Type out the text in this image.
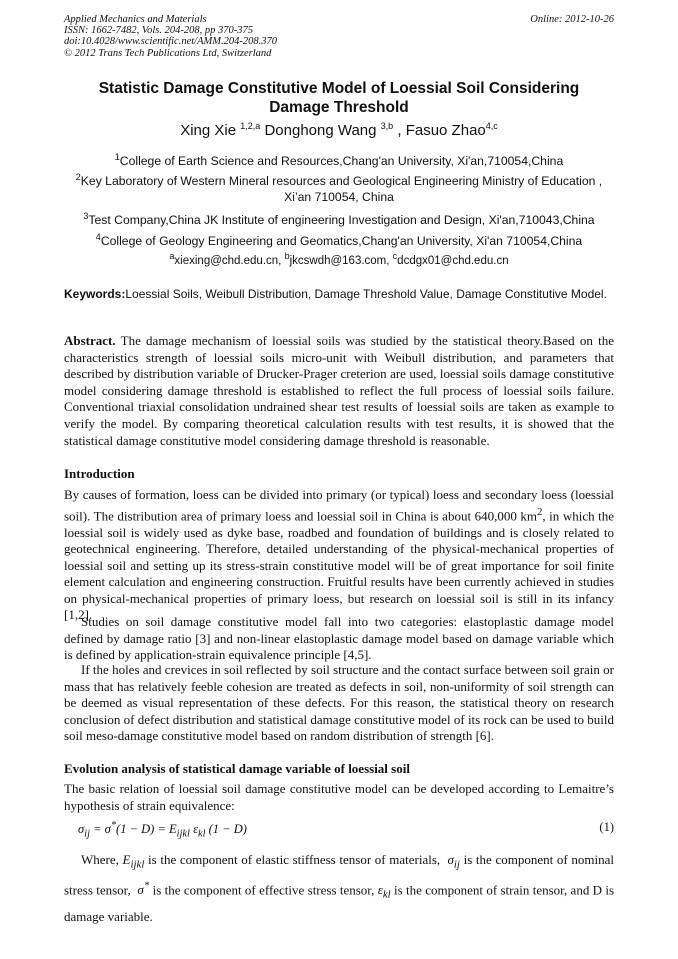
Applied Mechanics and Materials
ISSN: 1662-7482, Vols. 204-208, pp 370-375
doi:10.4028/www.scientific.net/AMM.204-208.370
© 2012 Trans Tech Publications Ltd, Switzerland
Online: 2012-10-26
Statistic Damage Constitutive Model of Loessial Soil Considering Damage Threshold
Xing Xie $^{1,2,a}$ Donghong Wang $^{3,b}$ , Fasuo Zhao$^{4,c}$
$^1$College of Earth Science and Resources,Chang'an University, Xi'an,710054,China
$^2$Key Laboratory of Western Mineral resources and Geological Engineering Ministry of Education , Xi’an 710054, China
$^3$Test Company,China JK Institute of engineering Investigation and Design, Xi'an,710043,China
$^4$College of Geology Engineering and Geomatics,Chang'an University, Xi'an 710054,China
$^a$xiexing@chd.edu.cn, $^b$jkcswdh@163.com, $^c$dcdgx01@chd.edu.cn
Keywords:Loessial Soils, Weibull Distribution, Damage Threshold Value, Damage Constitutive Model.
Abstract. The damage mechanism of loessial soils was studied by the statistical theory.Based on the characteristics strength of loessial soils micro-unit with Weibull distribution, and parameters that described by distribution variable of Drucker-Prager creterion are used, loessial soils damage constitutive model considering damage threshold is established to reflect the full process of loessial soils failure. Conventional triaxial consolidation undrained shear test results of loessial soils are taken as example to verify the model. By comparing theoretical calculation results with test results, it is showed that the statistical damage constitutive model considering damage threshold is reasonable.
Introduction
By causes of formation, loess can be divided into primary (or typical) loess and secondary loess (loessial soil). The distribution area of primary loess and loessial soil in China is about 640,000 $km^2$, in which the loessial soil is widely used as dyke base, roadbed and foundation of buildings and is closely related to geotechnical engineering. Therefore, detailed understanding of the physical-mechanical properties of loessial soil and setting up its stress-strain constitutive model will be of great importance for soil finite element calculation and engineering construction. Fruitful results have been currently achieved in studies on physical-mechanical properties of primary loess, but research on loessial soil is still in its infancy [1,2].
Studies on soil damage constitutive model fall into two categories: elastoplastic damage model defined by damage ratio [3] and non-linear elastoplastic damage model based on damage variable which is defined by application-strain equivalence principle [4,5].
If the holes and crevices in soil reflected by soil structure and the contact surface between soil grain or mass that has relatively feeble cohesion are treated as defects in soil, non-uniformity of soil strength can be deemed as visual representation of these defects. For this reason, the statistical theory on research conclusion of defect distribution and statistical damage constitutive model of its rock can be used to build soil meso-damage constitutive model based on random distribution of strength [6].
Evolution analysis of statistical damage variable of loessial soil
The basic relation of loessial soil damage constitutive model can be developed according to Lemaitre’s hypothesis of strain equivalence:
$\sigma_{ij} = \sigma^*(1 - D) = E_{ijkl}$ $\varepsilon_{kl}$ (1 − D)	(1)
Where, $E_{ijkl}$ is the component of elastic stiffness tensor of materials, $\sigma_{ij}$ is the component of nominal stress tensor, σ* is the component of effective stress tensor, $\varepsilon_{kl}$ is the component of strain tensor, and D is damage variable.
